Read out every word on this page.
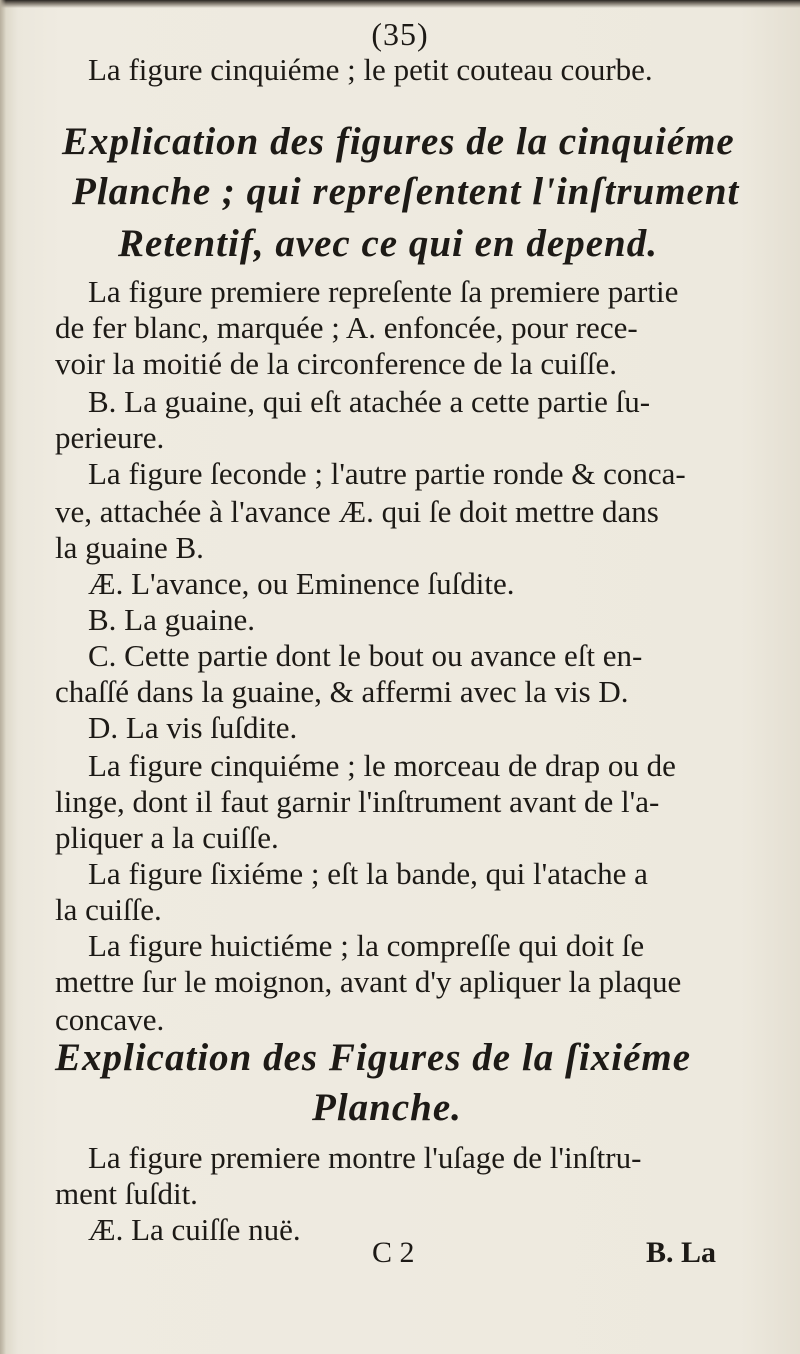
(35)
La figure cinquiéme ; le petit couteau courbe.
Explication des figures de la cinquiéme
Planche ; qui repreſentent l'inſtrument
Retentif, avec ce qui en depend.
La figure premiere repreſente ſa premiere partie
de fer blanc, marquée ; A. enfoncée, pour rece-
voir la moitié de la circonference de la cuiſſe.
B. La guaine, qui eſt atachée a cette partie ſu-
perieure.
La figure ſeconde ; l'autre partie ronde & conca-
ve, attachée à l'avance Æ. qui ſe doit mettre dans
la guaine B.
Æ. L'avance, ou Eminence ſuſdite.
B. La guaine.
C. Cette partie dont le bout ou avance eſt en-
chaſſé dans la guaine, & affermi avec la vis D.
D. La vis ſuſdite.
La figure cinquiéme ; le morceau de drap ou de
linge, dont il faut garnir l'inſtrument avant de l'a-
pliquer a la cuiſſe.
La figure ſixiéme ; eſt la bande, qui l'atache a
la cuiſſe.
La figure huictiéme ; la compreſſe qui doit ſe
mettre ſur le moignon, avant d'y apliquer la plaque
concave.
Explication des Figures de la ſixiéme
Planche.
La figure premiere montre l'uſage de l'inſtru-
ment ſuſdit.
Æ. La cuiſſe nuë.
C 2	B. La
